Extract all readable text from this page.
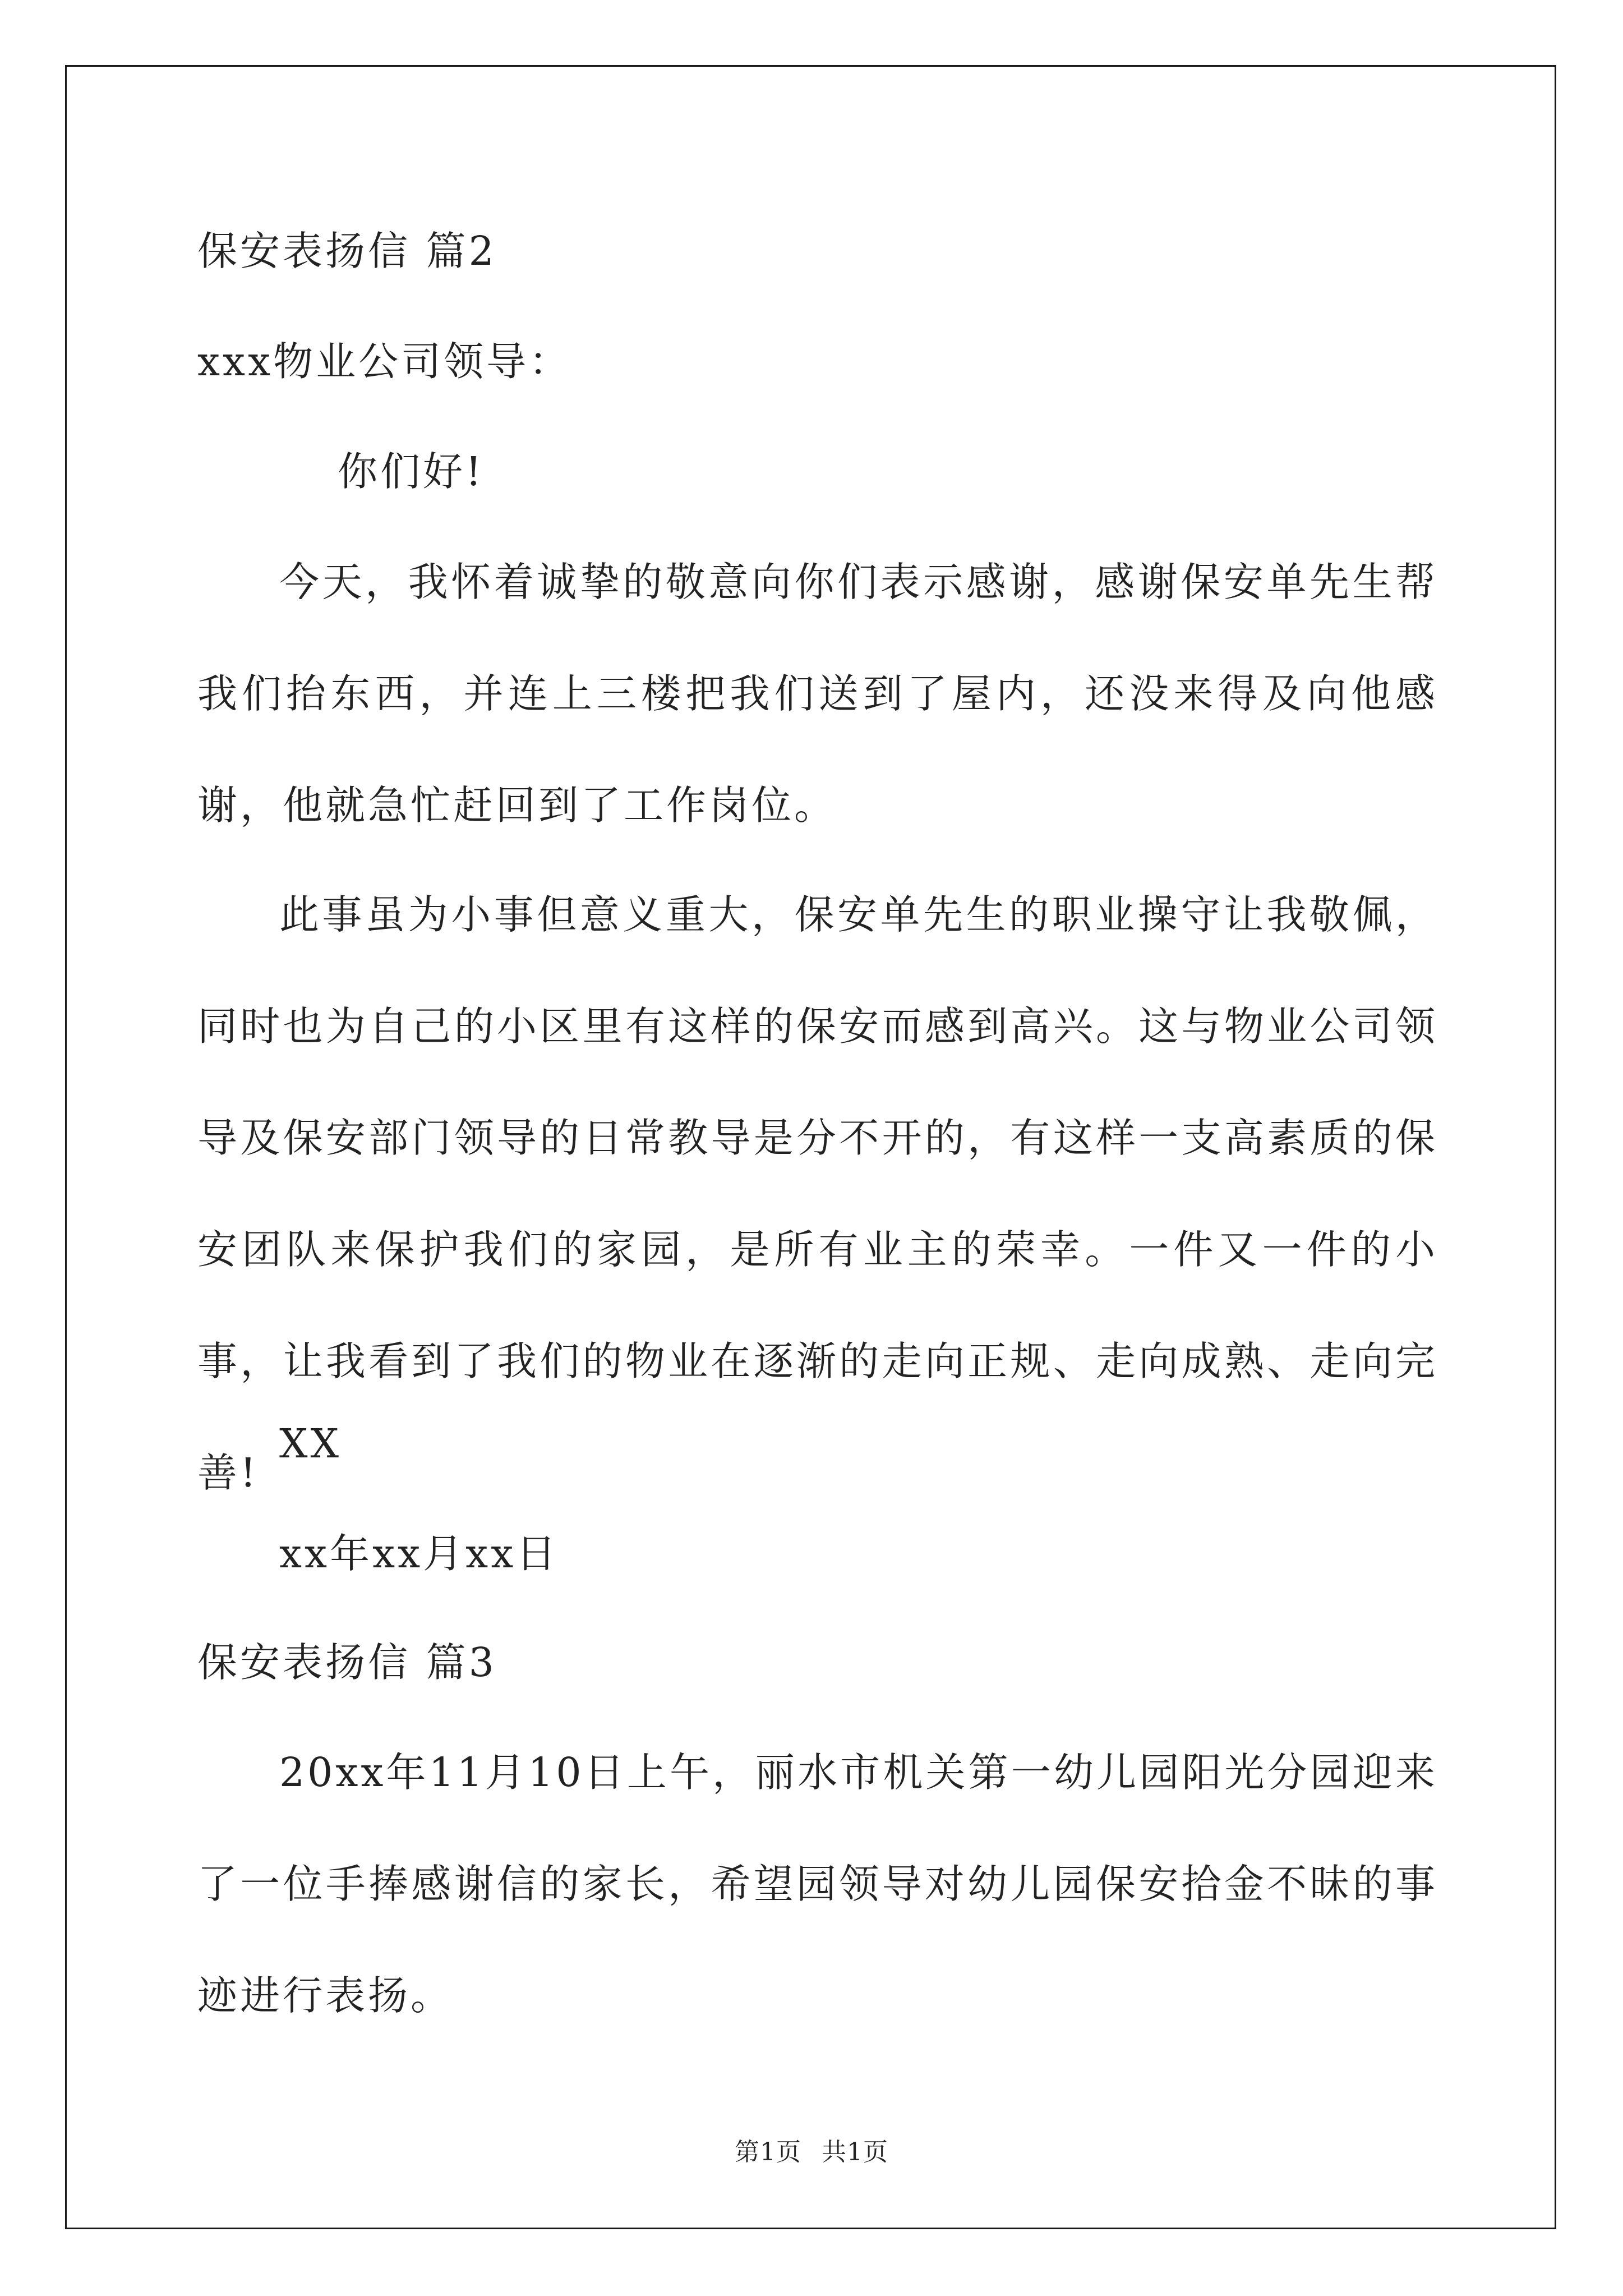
保安表扬信 篇2
xxx物业公司领导：
你们好!
今天，我怀着诚挚的敬意向你们表示感谢，感谢保安单先生帮我们抬东西，并连上三楼把我们送到了屋内，还没来得及向他感谢，他就急忙赶回到了工作岗位。
此事虽为小事但意义重大，保安单先生的职业操守让我敬佩，同时也为自己的小区里有这样的保安而感到高兴。这与物业公司领导及保安部门领导的日常教导是分不开的，有这样一支高素质的保安团队来保护我们的家园，是所有业主的荣幸。一件又一件的小事，让我看到了我们的物业在逐渐的走向正规、走向成熟、走向完善!
XX
xx年xx月xx日
保安表扬信 篇3
20xx年11月10日上午，丽水市机关第一幼儿园阳光分园迎来了一位手捧感谢信的家长，希望园领导对幼儿园保安拾金不昧的事迹进行表扬。
第1页 共1页
